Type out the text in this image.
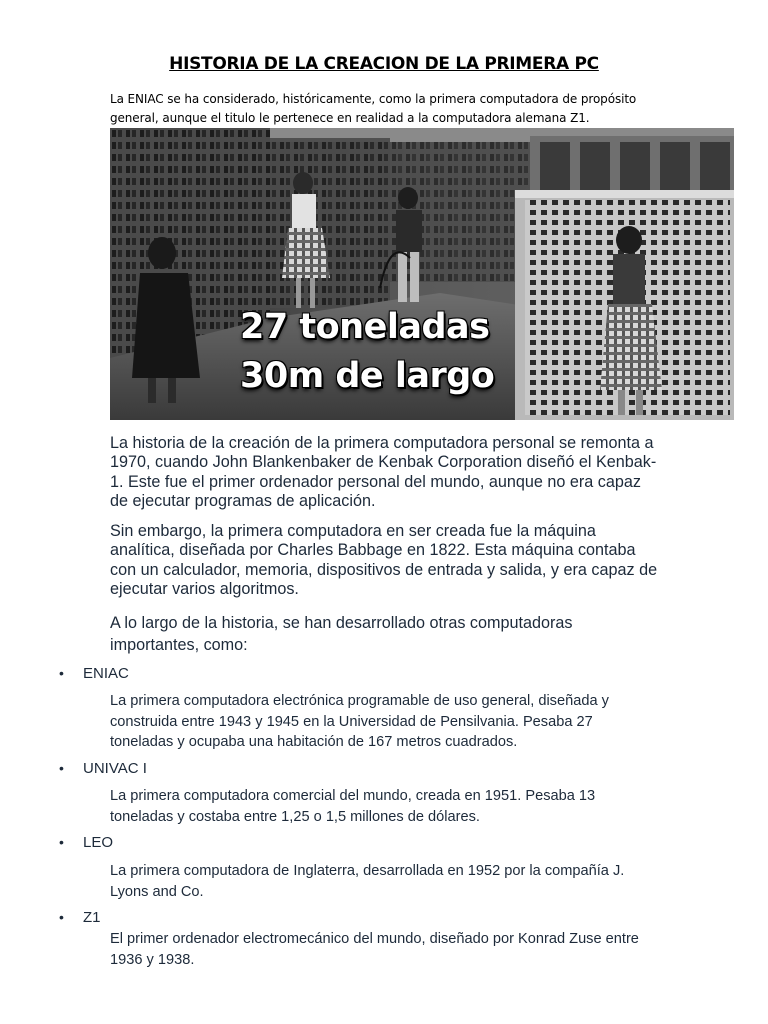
HISTORIA DE LA CREACION DE LA PRIMERA PC
La ENIAC se ha considerado, históricamente, como la primera computadora de propósito general, aunque el titulo le pertenece en realidad a la computadora alemana Z1.
27 toneladas
30m de largo
La historia de la creación de la primera computadora personal se remonta a 1970, cuando John Blankenbaker de Kenbak Corporation diseñó el Kenbak-1. Este fue el primer ordenador personal del mundo, aunque no era capaz de ejecutar programas de aplicación.
Sin embargo, la primera computadora en ser creada fue la máquina analítica, diseñada por Charles Babbage en 1822. Esta máquina contaba con un calculador, memoria, dispositivos de entrada y salida, y era capaz de ejecutar varios algoritmos.
A lo largo de la historia, se han desarrollado otras computadoras importantes, como:
• ENIAC
La primera computadora electrónica programable de uso general, diseñada y construida entre 1943 y 1945 en la Universidad de Pensilvania. Pesaba 27 toneladas y ocupaba una habitación de 167 metros cuadrados.
• UNIVAC I
La primera computadora comercial del mundo, creada en 1951. Pesaba 13 toneladas y costaba entre 1,25 o 1,5 millones de dólares.
• LEO
La primera computadora de Inglaterra, desarrollada en 1952 por la compañía J. Lyons and Co.
• Z1
El primer ordenador electromecánico del mundo, diseñado por Konrad Zuse entre 1936 y 1938.
